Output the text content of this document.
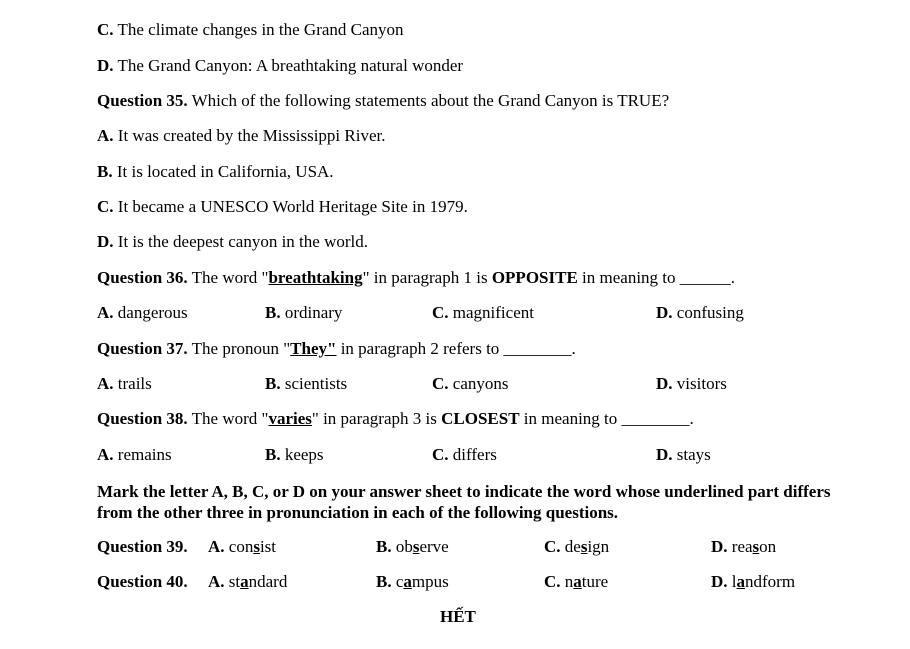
C. The climate changes in the Grand Canyon
D. The Grand Canyon: A breathtaking natural wonder
Question 35. Which of the following statements about the Grand Canyon is TRUE?
A. It was created by the Mississippi River.
B. It is located in California, USA.
C. It became a UNESCO World Heritage Site in 1979.
D. It is the deepest canyon in the world.
Question 36. The word "breathtaking" in paragraph 1 is OPPOSITE in meaning to ______.
A. dangerous	B. ordinary	C. magnificent	D. confusing
Question 37. The pronoun "They" in paragraph 2 refers to ________.
A. trails	B. scientists	C. canyons	D. visitors
Question 38. The word "varies" in paragraph 3 is CLOSEST in meaning to ________.
A. remains	B. keeps	C. differs	D. stays
Mark the letter A, B, C, or D on your answer sheet to indicate the word whose underlined part differs from the other three in pronunciation in each of the following questions.
Question 39. A. consist	B. observe	C. design	D. reason
Question 40. A. standard	B. campus	C. nature	D. landform
HẾT
